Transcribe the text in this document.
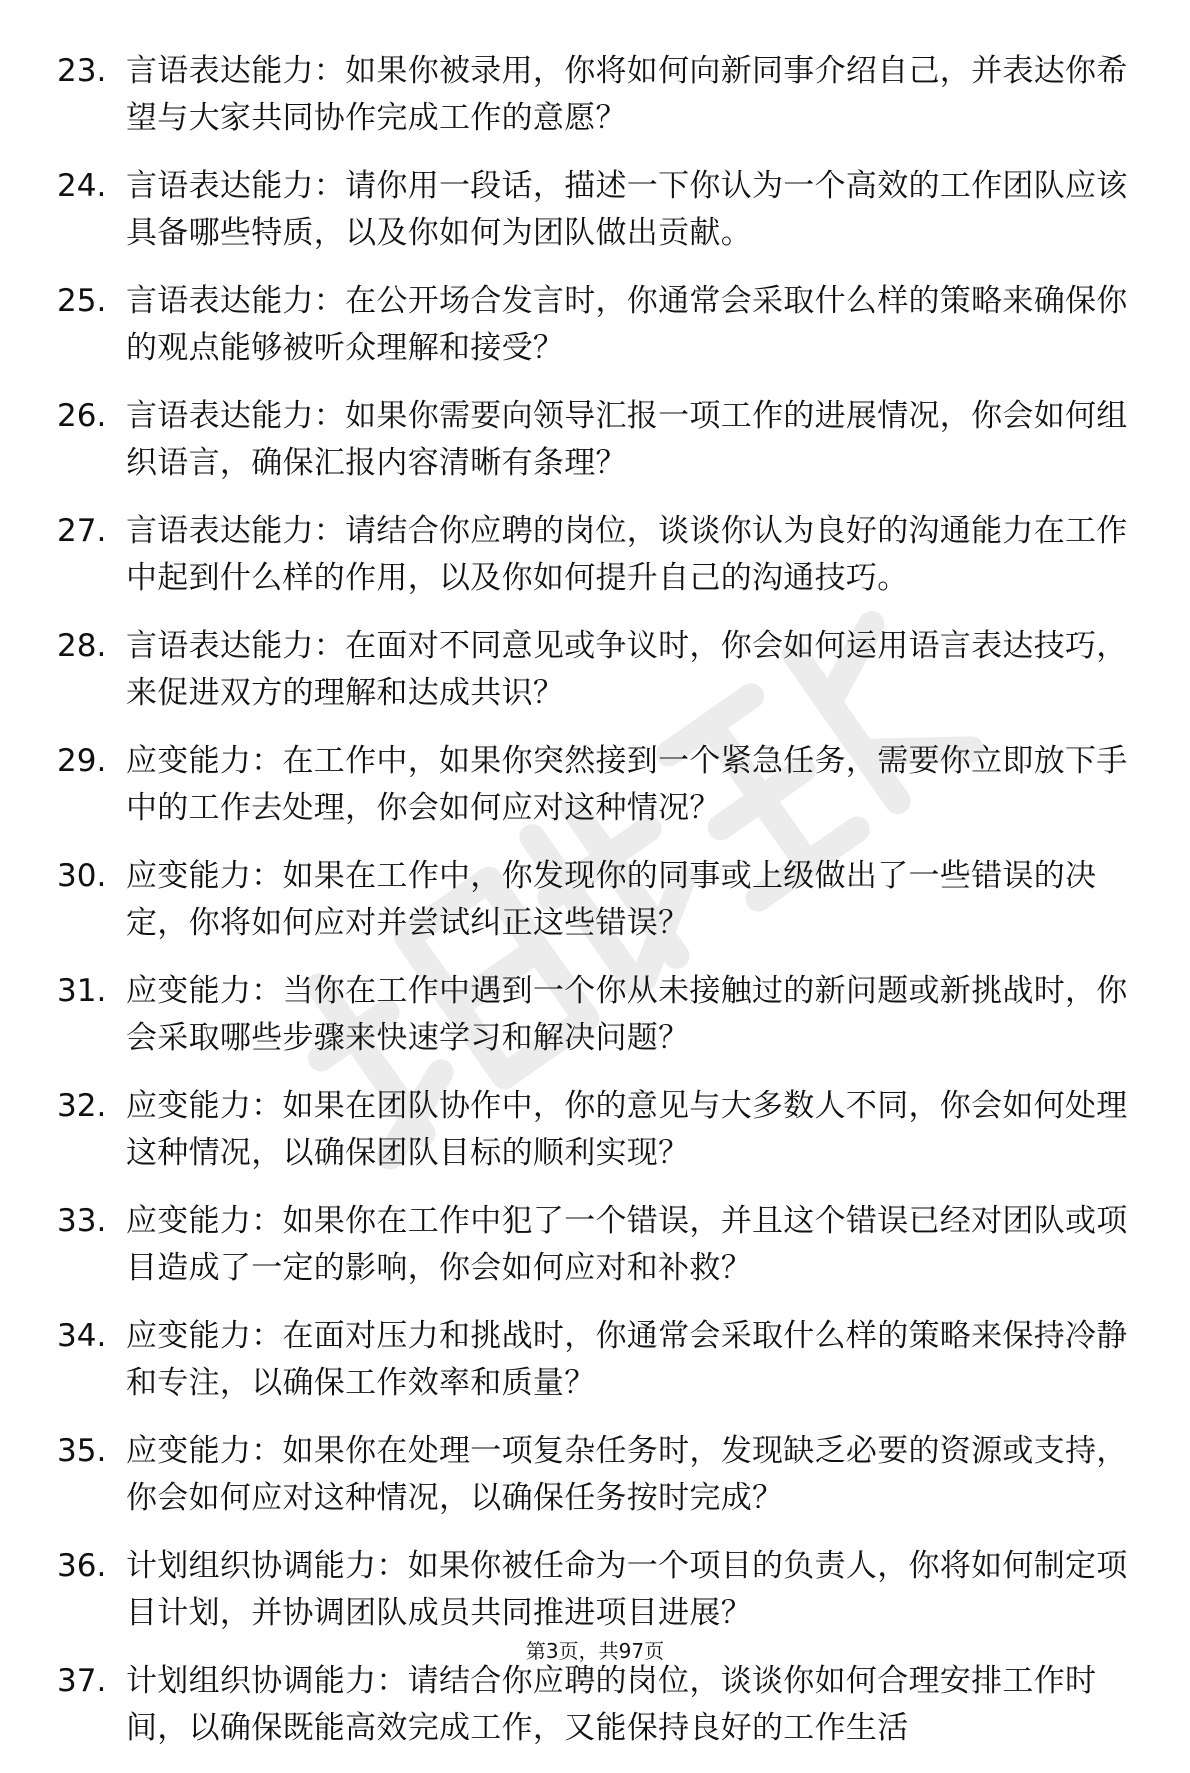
23. 言语表达能力：如果你被录用，你将如何向新同事介绍自己，并表达你希望与大家共同协作完成工作的意愿？
24. 言语表达能力：请你用一段话，描述一下你认为一个高效的工作团队应该具备哪些特质，以及你如何为团队做出贡献。
25. 言语表达能力：在公开场合发言时，你通常会采取什么样的策略来确保你的观点能够被听众理解和接受？
26. 言语表达能力：如果你需要向领导汇报一项工作的进展情况，你会如何组织语言，确保汇报内容清晰有条理？
27. 言语表达能力：请结合你应聘的岗位，谈谈你认为良好的沟通能力在工作中起到什么样的作用，以及你如何提升自己的沟通技巧。
28. 言语表达能力：在面对不同意见或争议时，你会如何运用语言表达技巧，来促进双方的理解和达成共识？
29. 应变能力：在工作中，如果你突然接到一个紧急任务，需要你立即放下手中的工作去处理，你会如何应对这种情况？
30. 应变能力：如果在工作中，你发现你的同事或上级做出了一些错误的决定，你将如何应对并尝试纠正这些错误？
31. 应变能力：当你在工作中遇到一个你从未接触过的新问题或新挑战时，你会采取哪些步骤来快速学习和解决问题？
32. 应变能力：如果在团队协作中，你的意见与大多数人不同，你会如何处理这种情况，以确保团队目标的顺利实现？
33. 应变能力：如果你在工作中犯了一个错误，并且这个错误已经对团队或项目造成了一定的影响，你会如何应对和补救？
34. 应变能力：在面对压力和挑战时，你通常会采取什么样的策略来保持冷静和专注，以确保工作效率和质量？
35. 应变能力：如果你在处理一项复杂任务时，发现缺乏必要的资源或支持，你会如何应对这种情况，以确保任务按时完成？
36. 计划组织协调能力：如果你被任命为一个项目的负责人，你将如何制定项目计划，并协调团队成员共同推进项目进展？
37. 计划组织协调能力：请结合你应聘的岗位，谈谈你如何合理安排工作时间，以确保既能高效完成工作，又能保持良好的工作生活
第3页，共97页
